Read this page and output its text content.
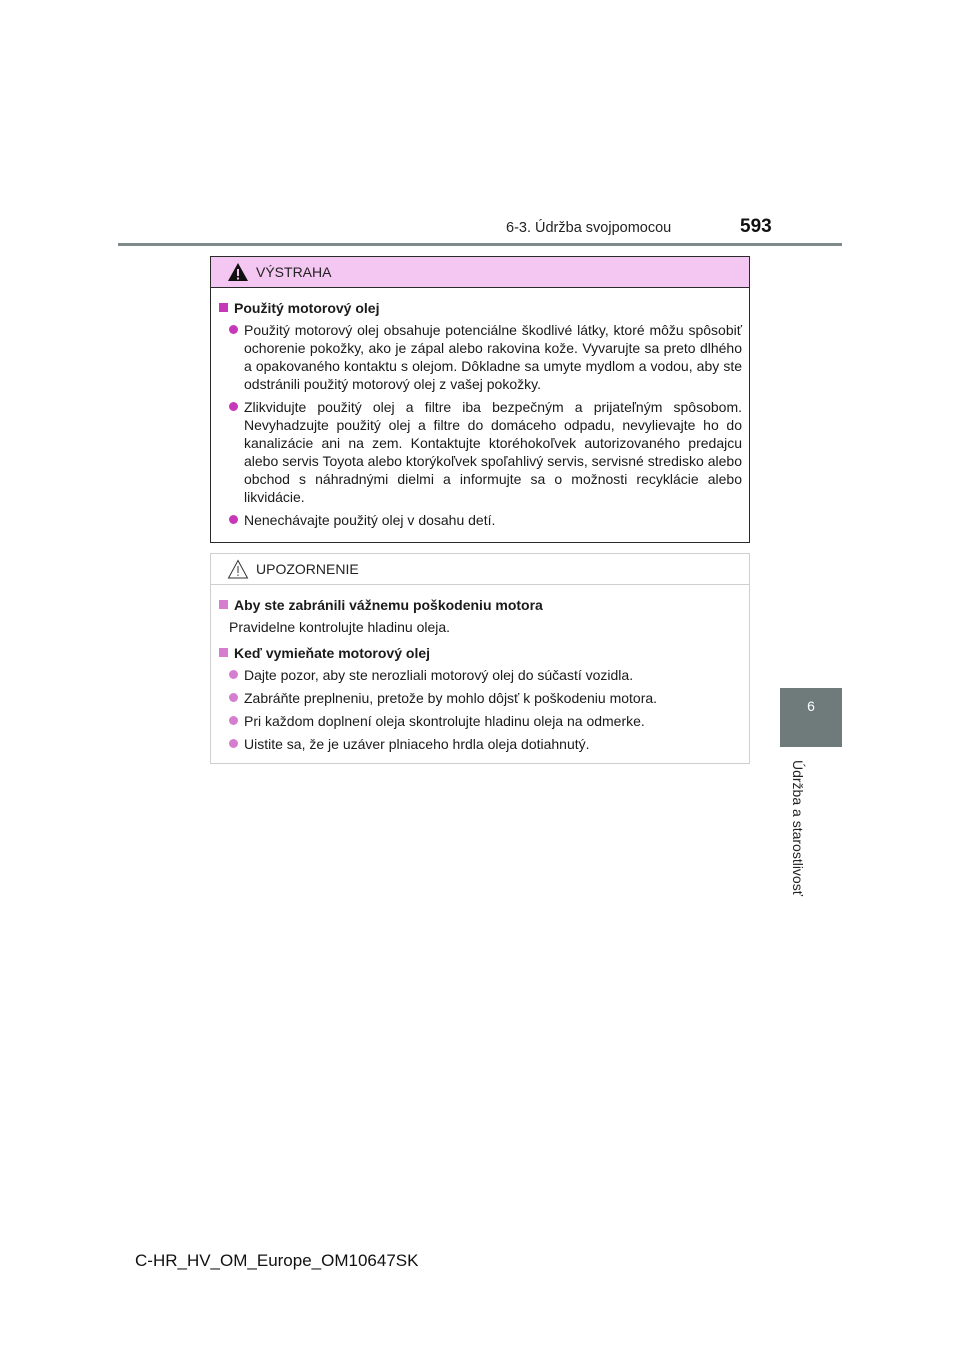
6-3. Údržba svojpomocou	593
6
Údržba a starostlivosť
VÝSTRAHA
Použitý motorový olej
Použitý motorový olej obsahuje potenciálne škodlivé látky, ktoré môžu spôsobiť ochorenie pokožky, ako je zápal alebo rakovina kože. Vyvarujte sa preto dlhého a opakovaného kontaktu s olejom. Dôkladne sa umyte mydlom a vodou, aby ste odstránili použitý motorový olej z vašej pokožky.
Zlikvidujte použitý olej a filtre iba bezpečným a prijateľným spôsobom. Nevyhadzujte použitý olej a filtre do domáceho odpadu, nevylievajte ho do kanalizácie ani na zem. Kontaktujte ktoréhokoľvek autorizovaného predajcu alebo servis Toyota alebo ktorýkoľvek spoľahlivý servis, servisné stredisko alebo obchod s náhradnými dielmi a informujte sa o možnosti recyklácie alebo likvidácie.
Nenechávajte použitý olej v dosahu detí.
UPOZORNENIE
Aby ste zabránili vážnemu poškodeniu motora
Pravidelne kontrolujte hladinu oleja.
Keď vymieňate motorový olej
Dajte pozor, aby ste nerozliali motorový olej do súčastí vozidla.
Zabráňte preplneniu, pretože by mohlo dôjsť k poškodeniu motora.
Pri každom doplnení oleja skontrolujte hladinu oleja na odmerke.
Uistite sa, že je uzáver plniaceho hrdla oleja dotiahnutý.
C-HR_HV_OM_Europe_OM10647SK
